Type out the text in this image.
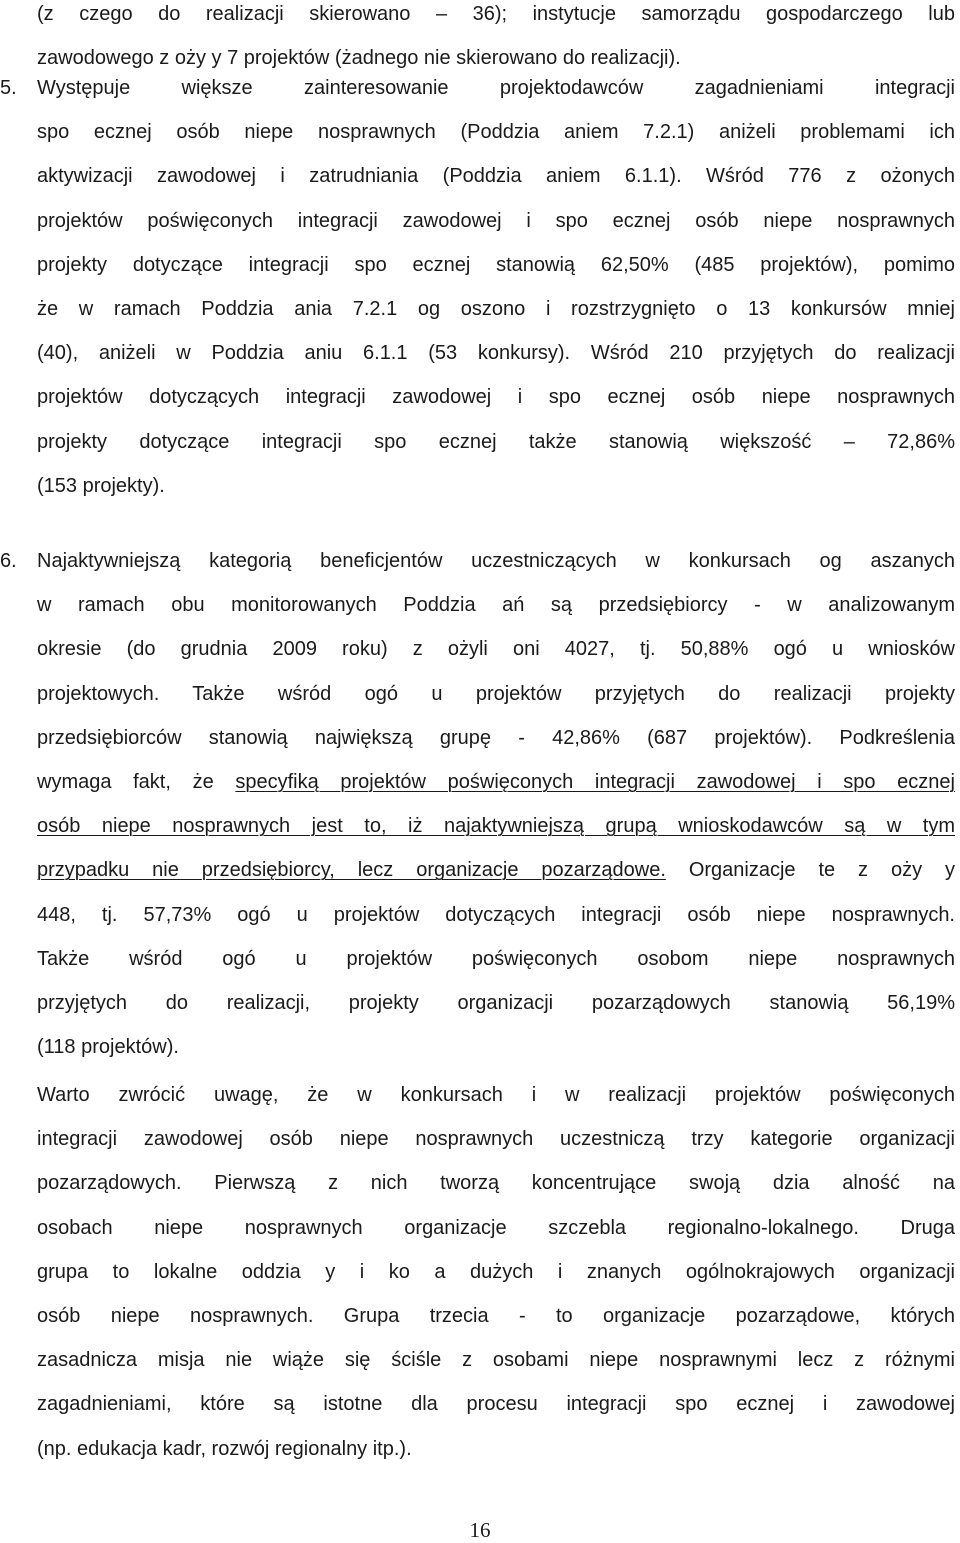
(z czego do realizacji skierowano – 36); instytucje samorządu gospodarczego lub
zawodowego z oży y 7 projektów (żadnego nie skierowano do realizacji).
5. Występuje większe zainteresowanie projektodawców zagadnieniami integracji
spo ecznej osób niepe nosprawnych (Poddzia aniem 7.2.1) aniżeli problemami ich
aktywizacji zawodowej i zatrudniania (Poddzia aniem 6.1.1). Wśród 776 z ożonych
projektów poświęconych integracji zawodowej i spo ecznej osób niepe nosprawnych
projekty dotyczące integracji spo ecznej stanowią 62,50% (485 projektów), pomimo
że w ramach Poddzia ania 7.2.1 og oszono i rozstrzygnięto o 13 konkursów mniej
(40), aniżeli w Poddzia aniu 6.1.1 (53 konkursy). Wśród 210 przyjętych do realizacji
projektów dotyczących integracji zawodowej i spo ecznej osób niepe nosprawnych
projekty dotyczące integracji spo ecznej także stanowią większość – 72,86%
(153 projekty).
6. Najaktywniejszą kategorią beneficjentów uczestniczących w konkursach og aszanych
w ramach obu monitorowanych Poddzia ań są przedsiębiorcy - w analizowanym
okresie (do grudnia 2009 roku) z ożyli oni 4027, tj. 50,88% ogó u wniosków
projektowych. Także wśród ogó u projektów przyjętych do realizacji projekty
przedsiębiorców stanowią największą grupę - 42,86% (687 projektów). Podkreślenia
wymaga fakt, że specyfiką projektów poświęconych integracji zawodowej i spo ecznej
osób niepe nosprawnych jest to, iż najaktywniejszą grupą wnioskodawców są w tym
przypadku nie przedsiębiorcy, lecz organizacje pozarządowe. Organizacje te z oży y
448, tj. 57,73% ogó u projektów dotyczących integracji osób niepe nosprawnych.
Także wśród ogó u projektów poświęconych osobom niepe nosprawnych
przyjętych do realizacji, projekty organizacji pozarządowych stanowią 56,19%
(118 projektów).
Warto zwrócić uwagę, że w konkursach i w realizacji projektów poświęconych
integracji zawodowej osób niepe nosprawnych uczestniczą trzy kategorie organizacji
pozarządowych. Pierwszą z nich tworzą koncentrujące swoją dzia alność na
osobach niepe nosprawnych organizacje szczebla regionalno-lokalnego. Druga
grupa to lokalne oddzia y i ko a dużych i znanych ogólnokrajowych organizacji
osób niepe nosprawnych. Grupa trzecia - to organizacje pozarządowe, których
zasadnicza misja nie wiąże się ściśle z osobami niepe nosprawnymi lecz z różnymi
zagadnieniami, które są istotne dla procesu integracji spo ecznej i zawodowej
(np. edukacja kadr, rozwój regionalny itp.).
16
